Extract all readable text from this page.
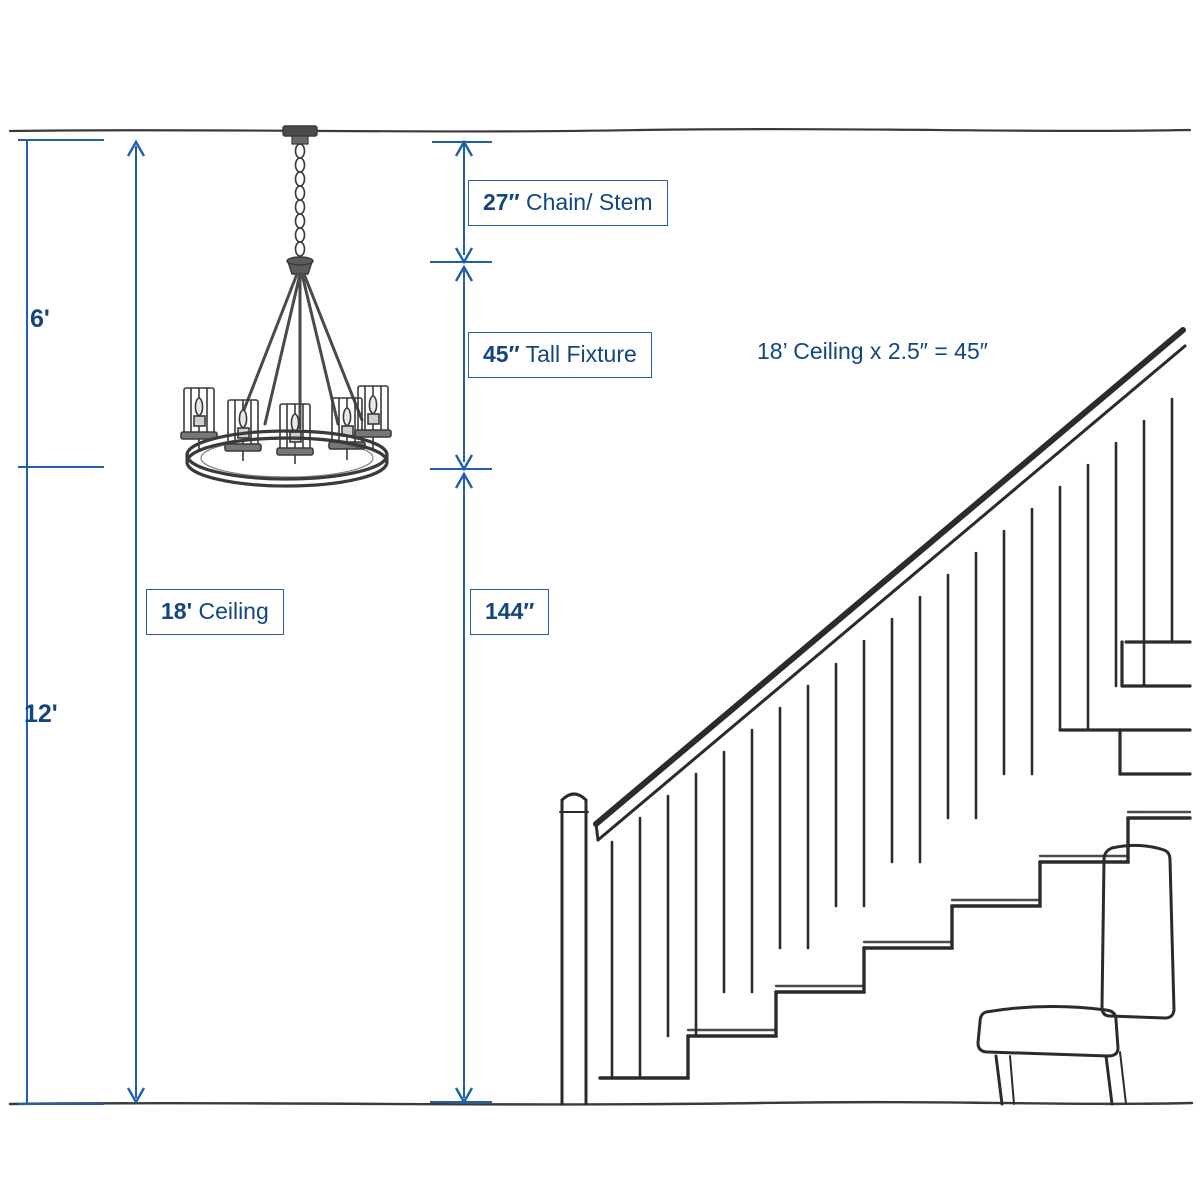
6'
12'
27″ Chain/ Stem
45″ Tall Fixture	18’ Ceiling x 2.5″ = 45″
18' Ceiling	144″
